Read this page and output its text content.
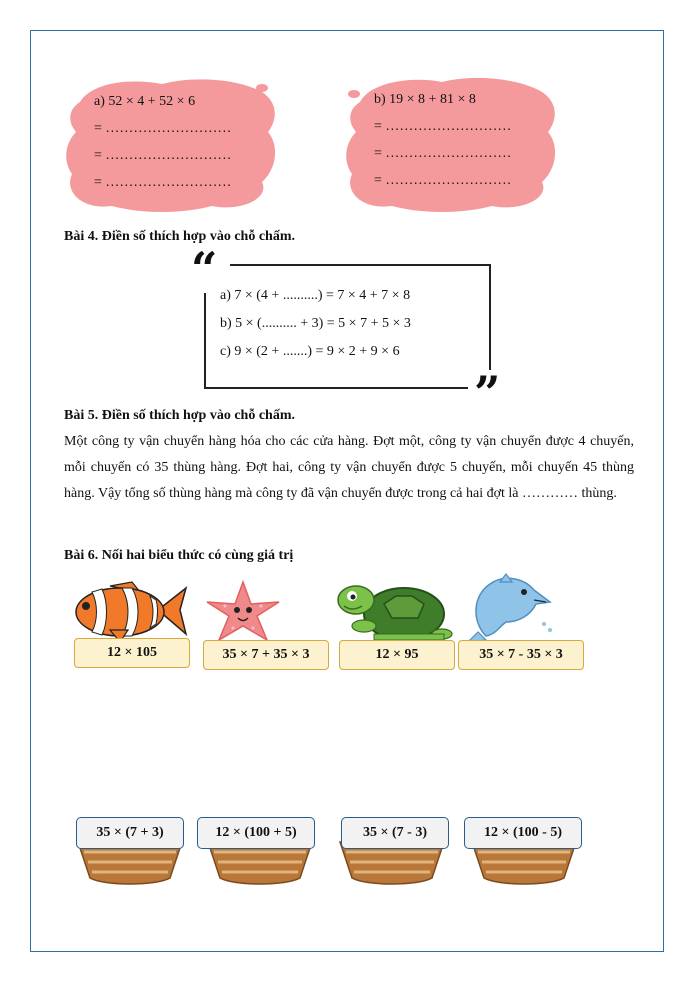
a) 52 × 4 + 52 × 6
= ………………………
= ………………………
= ………………………
b) 19 × 8 + 81 × 8
= ………………………
= ………………………
= ………………………
Bài 4. Điền số thích hợp vào chỗ chấm.
“
”
a) 7 × (4 + ..........) = 7 × 4 + 7 × 8
b) 5 × (.......... + 3) = 5 × 7 + 5 × 3
c) 9 × (2 + .......) = 9 × 2 + 9 × 6
Bài 5. Điền số thích hợp vào chỗ chấm.
Một công ty vận chuyển hàng hóa cho các cửa hàng. Đợt một, công ty vận chuyển được 4 chuyến, mỗi chuyến có 35 thùng hàng. Đợt hai, công ty vận chuyển được 5 chuyến, mỗi chuyến 45 thùng hàng. Vậy tổng số thùng hàng mà công ty đã vận chuyển được trong cả hai đợt là ………… thùng.
Bài 6. Nối hai biểu thức có cùng giá trị
12 × 105	35 × 7 + 35 × 3	12 × 95	35 × 7 - 35 × 3
35 × (7 + 3)	12 × (100 + 5)	35 × (7 - 3)	12 × (100 - 5)
